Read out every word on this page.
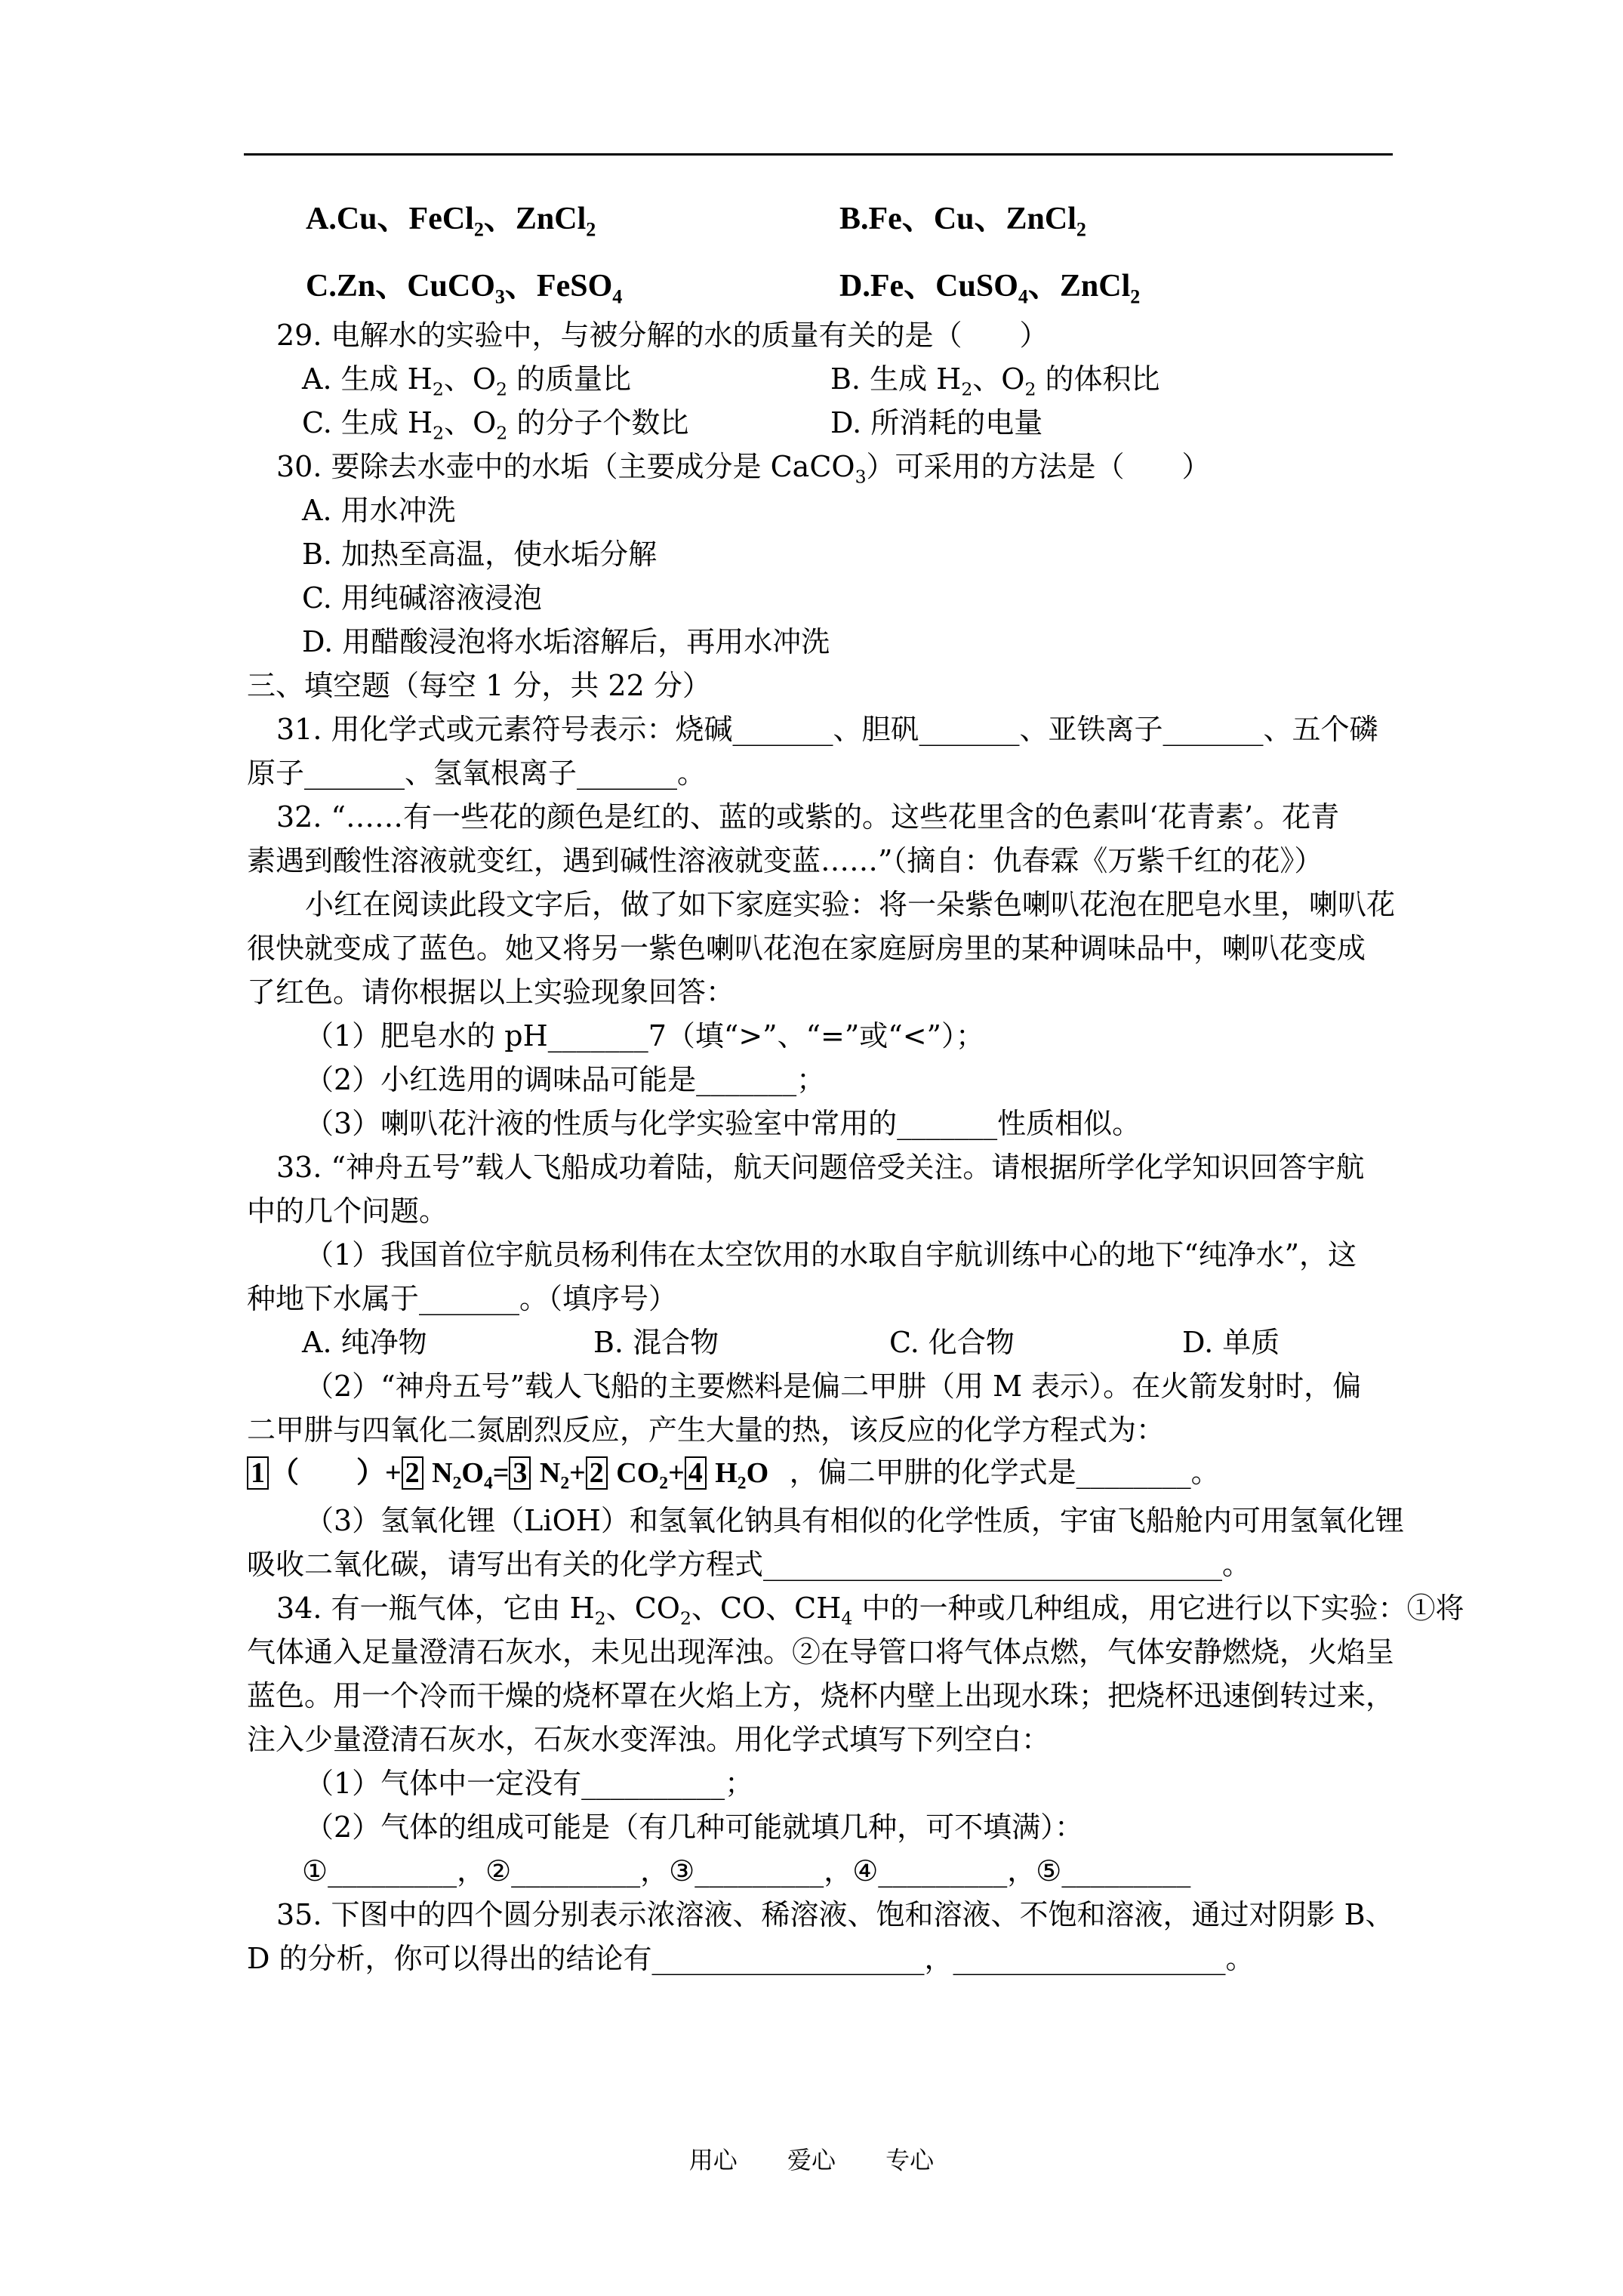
A.Cu、FeCl$_2$、ZnCl$_2$	B.Fe、Cu、ZnCl$_2$
C.Zn、CuCO$_3$、FeSO$_4$	D.Fe、CuSO$_4$、ZnCl$_2$
29. 电解水的实验中，与被分解的水的质量有关的是（　　）
A. 生成 $H_2$、$O_2$ 的质量比	B. 生成 $H_2$、$O_2$ 的体积比
C. 生成 $H_2$、$O_2$ 的分子个数比	D. 所消耗的电量
30. 要除去水壶中的水垢（主要成分是 CaCO$_3$）可采用的方法是（　　）
A. 用水冲洗
B. 加热至高温，使水垢分解
C. 用纯碱溶液浸泡
D. 用醋酸浸泡将水垢溶解后，再用水冲洗
三、填空题（每空 1 分，共 22 分）
31. 用化学式或元素符号表示：烧碱_______、胆矾_______、亚铁离子_______、五个磷
原子_______、氢氧根离子_______。
32. “……有一些花的颜色是红的、蓝的或紫的。这些花里含的色素叫‘花青素’。花青
素遇到酸性溶液就变红，遇到碱性溶液就变蓝……”（摘自：仇春霖《万紫千红的花》）
小红在阅读此段文字后，做了如下家庭实验：将一朵紫色喇叭花泡在肥皂水里，喇叭花
很快就变成了蓝色。她又将另一紫色喇叭花泡在家庭厨房里的某种调味品中，喇叭花变成
了红色。请你根据以上实验现象回答：
（1）肥皂水的 pH_______7（填“>”、“=”或“<”）；
（2）小红选用的调味品可能是_______；
（3）喇叭花汁液的性质与化学实验室中常用的_______性质相似。
33. “神舟五号”载人飞船成功着陆，航天问题倍受关注。请根据所学化学知识回答宇航
中的几个问题。
（1）我国首位宇航员杨利伟在太空饮用的水取自宇航训练中心的地下“纯净水”，这
种地下水属于_______。（填序号）
A. 纯净物	B. 混合物	C. 化合物	D. 单质
（2）“神舟五号”载人飞船的主要燃料是偏二甲肼（用 M 表示）。在火箭发射时，偏
二甲肼与四氧化二氮剧烈反应，产生大量的热，该反应的化学方程式为：
1 （　　）+ 2 $N_2O_4= 3$ $N_2+ 2$ $CO_2+ 4$ $H_2O$ ，偏二甲肼的化学式是________。
（3）氢氧化锂（LiOH）和氢氧化钠具有相似的化学性质，宇宙飞船舱内可用氢氧化锂
吸收二氧化碳，请写出有关的化学方程式________________________________。
34. 有一瓶气体，它由 $H_2$、$CO_2$、CO、$CH_4$ 中的一种或几种组成，用它进行以下实验：①将
气体通入足量澄清石灰水，未见出现浑浊。②在导管口将气体点燃，气体安静燃烧，火焰呈
蓝色。用一个冷而干燥的烧杯罩在火焰上方，烧杯内壁上出现水珠；把烧杯迅速倒转过来，
注入少量澄清石灰水，石灰水变浑浊。用化学式填写下列空白：
（1）气体中一定没有__________；
（2）气体的组成可能是（有几种可能就填几种，可不填满）：
①_________，②_________，③_________，④_________，⑤_________
35. 下图中的四个圆分别表示浓溶液、稀溶液、饱和溶液、不饱和溶液，通过对阴影 B、
D 的分析，你可以得出的结论有___________________，___________________。
用心 爱心 专心
